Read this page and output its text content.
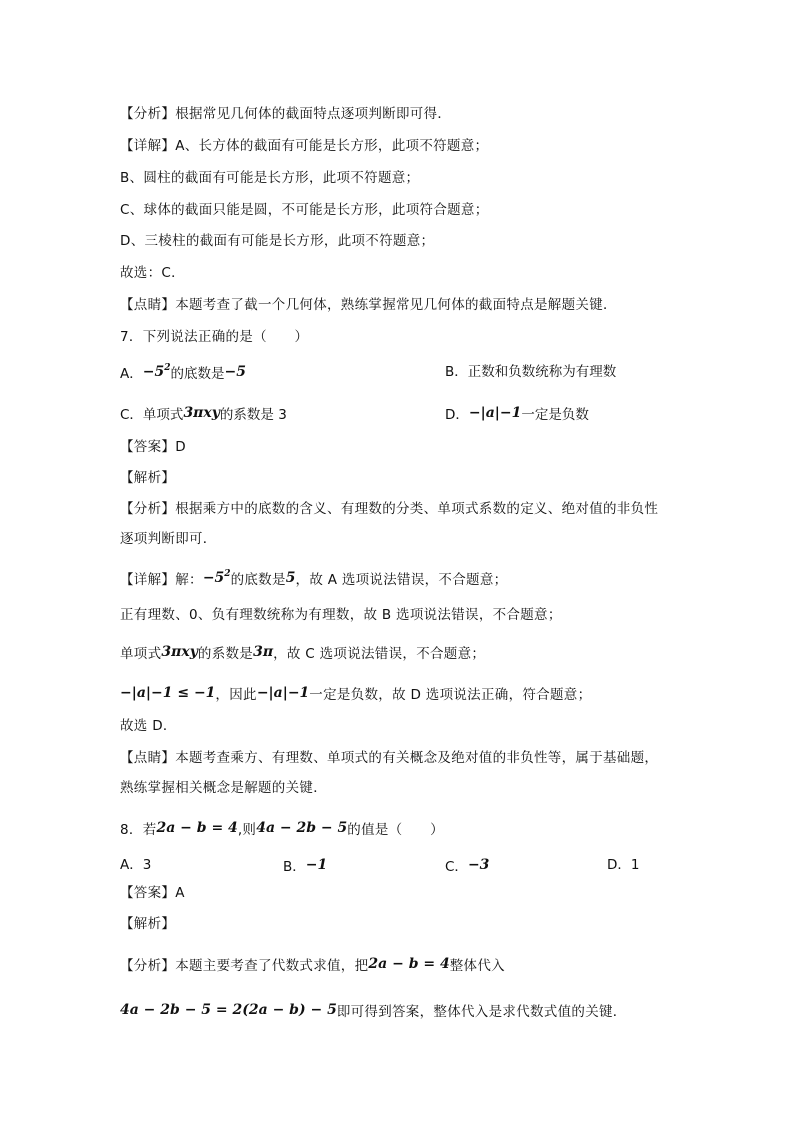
【分析】根据常见几何体的截面特点逐项判断即可得．
【详解】A、长方体的截面有可能是长方形，此项不符题意；
B、圆柱的截面有可能是长方形，此项不符题意；
C、球体的截面只能是圆，不可能是长方形，此项符合题意；
D、三棱柱的截面有可能是长方形，此项不符题意；
故选：C．
【点睛】本题考查了截一个几何体，熟练掌握常见几何体的截面特点是解题关键．
7．下列说法正确的是（　　）
A．$-5^2$的底数是−5	B．正数和负数统称为有理数
C．单项式3πxy的系数是 3	D．−|a|−1一定是负数
【答案】D
【解析】
【分析】根据乘方中的底数的含义、有理数的分类、单项式系数的定义、绝对值的非负性
逐项判断即可．
【详解】解：$-5^2$的底数是5，故 A 选项说法错误，不合题意；
正有理数、0、负有理数统称为有理数，故 B 选项说法错误，不合题意；
单项式3πxy的系数是3π，故 C 选项说法错误，不合题意；
−|a|−1 ≤ −1，因此−|a|−1一定是负数，故 D 选项说法正确，符合题意；
故选 D．
【点睛】本题考查乘方、有理数、单项式的有关概念及绝对值的非负性等，属于基础题，
熟练掌握相关概念是解题的关键．
8．若2a − b = 4,则4a − 2b − 5的值是（　　）
A．3	B．−1	C．−3	D．1
【答案】A
【解析】
【分析】本题主要考查了代数式求值，把2a − b = 4整体代入
4a − 2b − 5 = 2(2a − b) − 5即可得到答案，整体代入是求代数式值的关键．
